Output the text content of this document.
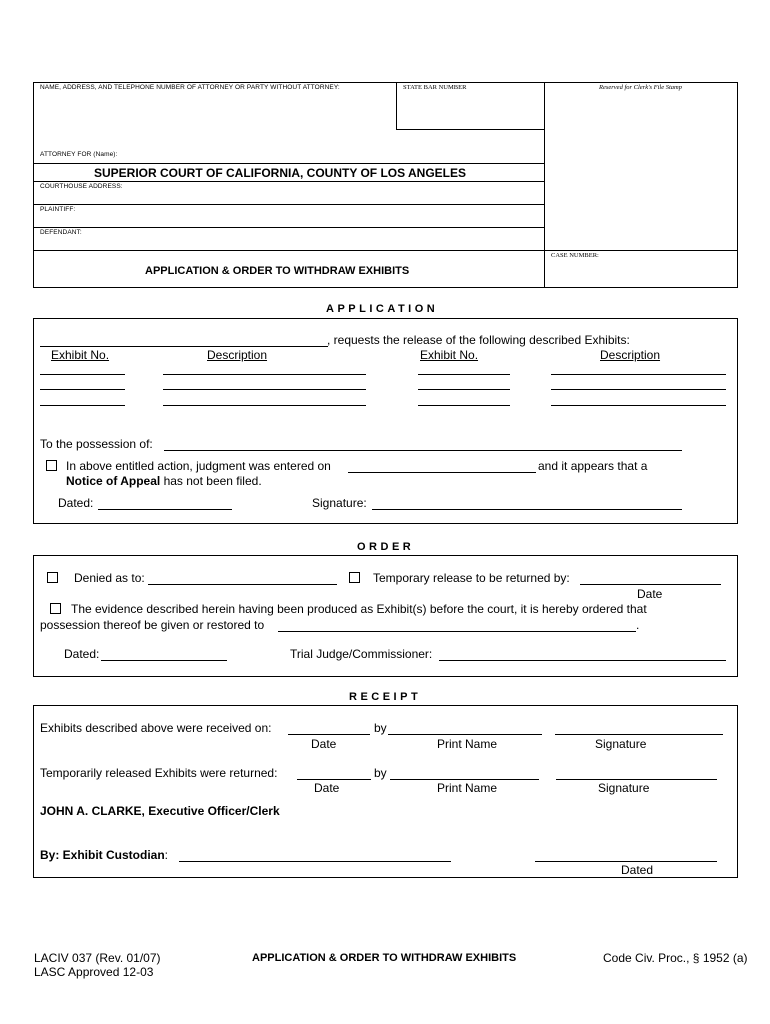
NAME, ADDRESS, AND TELEPHONE NUMBER OF ATTORNEY OR PARTY WITHOUT ATTORNEY:	STATE BAR NUMBER	Reserved for Clerk's File Stamp
ATTORNEY FOR (Name):
SUPERIOR COURT OF CALIFORNIA, COUNTY OF LOS ANGELES
COURTHOUSE ADDRESS:
PLAINTIFF:
DEFENDANT:
CASE NUMBER:
APPLICATION & ORDER TO WITHDRAW EXHIBITS
APPLICATION
, requests the release of the following described Exhibits:
Exhibit No.	Description	Exhibit No.	Description
To the possession of:
In above entitled action, judgment was entered on	and it appears that a
Notice of Appeal has not been filed.
Dated:	Signature:
ORDER
Denied as to:	Temporary release to be returned by:
Date
The evidence described herein having been produced as Exhibit(s) before the court, it is hereby ordered that
possession thereof be given or restored to	.
Dated:	Trial Judge/Commissioner:
RECEIPT
Exhibits described above were received on:	by
Date	Print Name	Signature
Temporarily released Exhibits were returned:	by
Date	Print Name	Signature
JOHN A. CLARKE, Executive Officer/Clerk
By: Exhibit Custodian:
Dated
LACIV 037 (Rev. 01/07)
LASC Approved 12-03
APPLICATION & ORDER TO WITHDRAW EXHIBITS	Code Civ. Proc., § 1952 (a)
